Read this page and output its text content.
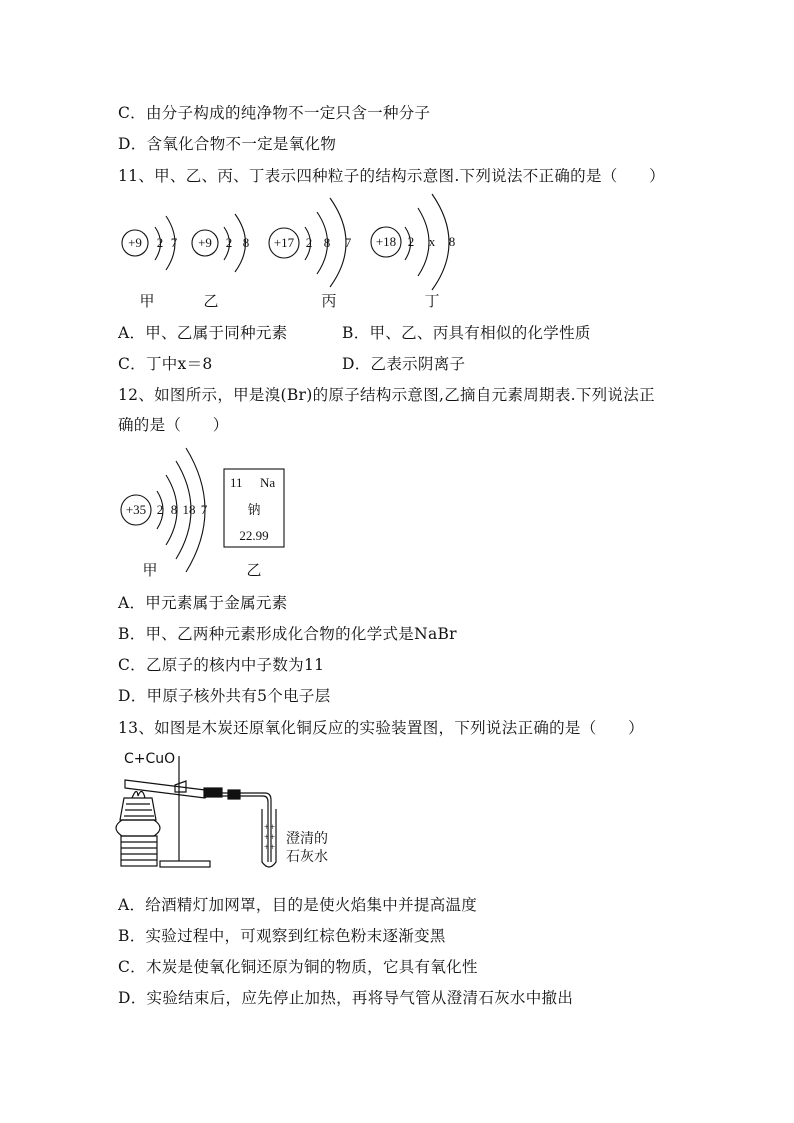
C．由分子构成的纯净物不一定只含一种分子
D．含氧化合物不一定是氧化物
11、甲、乙、丙、丁表示四种粒子的结构示意图.下列说法不正确的是（　　）
+9 2 7 +9 2 8 +17 2 8 7 +18 2 x 8
甲	乙	丙	丁
A．甲、乙属于同种元素	B．甲、乙、丙具有相似的化学性质
C．丁中x＝8	D．乙表示阴离子
12、如图所示，甲是溴(Br)的原子结构示意图,乙摘自元素周期表.下列说法正
确的是（　　）
+35 2 8 18 7
11 Na
钠
22.99
甲	乙
A．甲元素属于金属元素
B．甲、乙两种元素形成化合物的化学式是NaBr
C．乙原子的核内中子数为11
D．甲原子核外共有5个电子层
13、如图是木炭还原氧化铜反应的实验装置图，下列说法正确的是（　　）
C+CuO
+ +
+ +
+ + 澄清的
石灰水
A．给酒精灯加网罩，目的是使火焰集中并提高温度
B．实验过程中，可观察到红棕色粉末逐渐变黑
C．木炭是使氧化铜还原为铜的物质，它具有氧化性
D．实验结束后，应先停止加热，再将导气管从澄清石灰水中撤出
